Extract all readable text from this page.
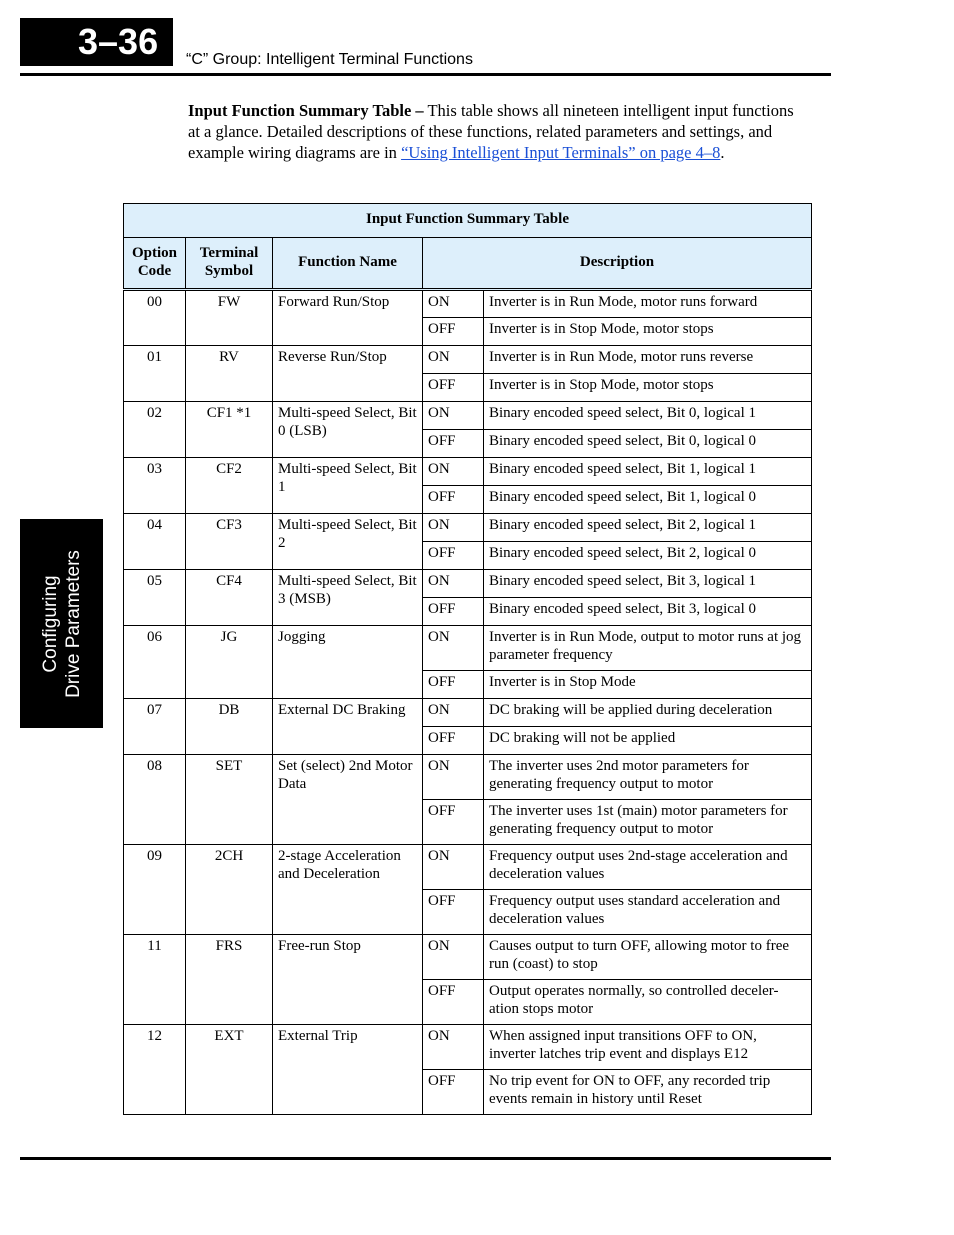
3–36	“C” Group: Intelligent Terminal Functions
Configuring Drive Parameters

Input Function Summary Table – This table shows all nineteen intelligent input functions at a glance. Detailed descriptions of these functions, related parameters and settings, and example wiring diagrams are in “Using Intelligent Input Terminals” on page 4–8.

Input Function Summary Table				
Option Code	Terminal Symbol	Function Name	Description	
00	FW	Forward Run/Stop	ON	Inverter is in Run Mode, motor runs forward
			OFF	Inverter is in Stop Mode, motor stops
01	RV	Reverse Run/Stop	ON	Inverter is in Run Mode, motor runs reverse
			OFF	Inverter is in Stop Mode, motor stops
02	CF1 *1	Multi-speed Select, Bit 0 (LSB)	ON	Binary encoded speed select, Bit 0, logical 1
			OFF	Binary encoded speed select, Bit 0, logical 0
03	CF2	Multi-speed Select, Bit 1	ON	Binary encoded speed select, Bit 1, logical 1
			OFF	Binary encoded speed select, Bit 1, logical 0
04	CF3	Multi-speed Select, Bit 2	ON	Binary encoded speed select, Bit 2, logical 1
			OFF	Binary encoded speed select, Bit 2, logical 0
05	CF4	Multi-speed Select, Bit 3 (MSB)	ON	Binary encoded speed select, Bit 3, logical 1
			OFF	Binary encoded speed select, Bit 3, logical 0
06	JG	Jogging	ON	Inverter is in Run Mode, output to motor runs at jog parameter frequency
			OFF	Inverter is in Stop Mode
07	DB	External DC Braking	ON	DC braking will be applied during deceleration
			OFF	DC braking will not be applied
08	SET	Set (select) 2nd Motor Data	ON	The inverter uses 2nd motor parameters for generating frequency output to motor
			OFF	The inverter uses 1st (main) motor parameters for generating frequency output to motor
09	2CH	2-stage Acceleration and Deceleration	ON	Frequency output uses 2nd-stage acceleration and deceleration values
			OFF	Frequency output uses standard acceleration and deceleration values
11	FRS	Free-run Stop	ON	Causes output to turn OFF, allowing motor to free run (coast) to stop
			OFF	Output operates normally, so controlled deceler-ation stops motor
12	EXT	External Trip	ON	When assigned input transitions OFF to ON, inverter latches trip event and displays E12
			OFF	No trip event for ON to OFF, any recorded trip events remain in history until Reset
